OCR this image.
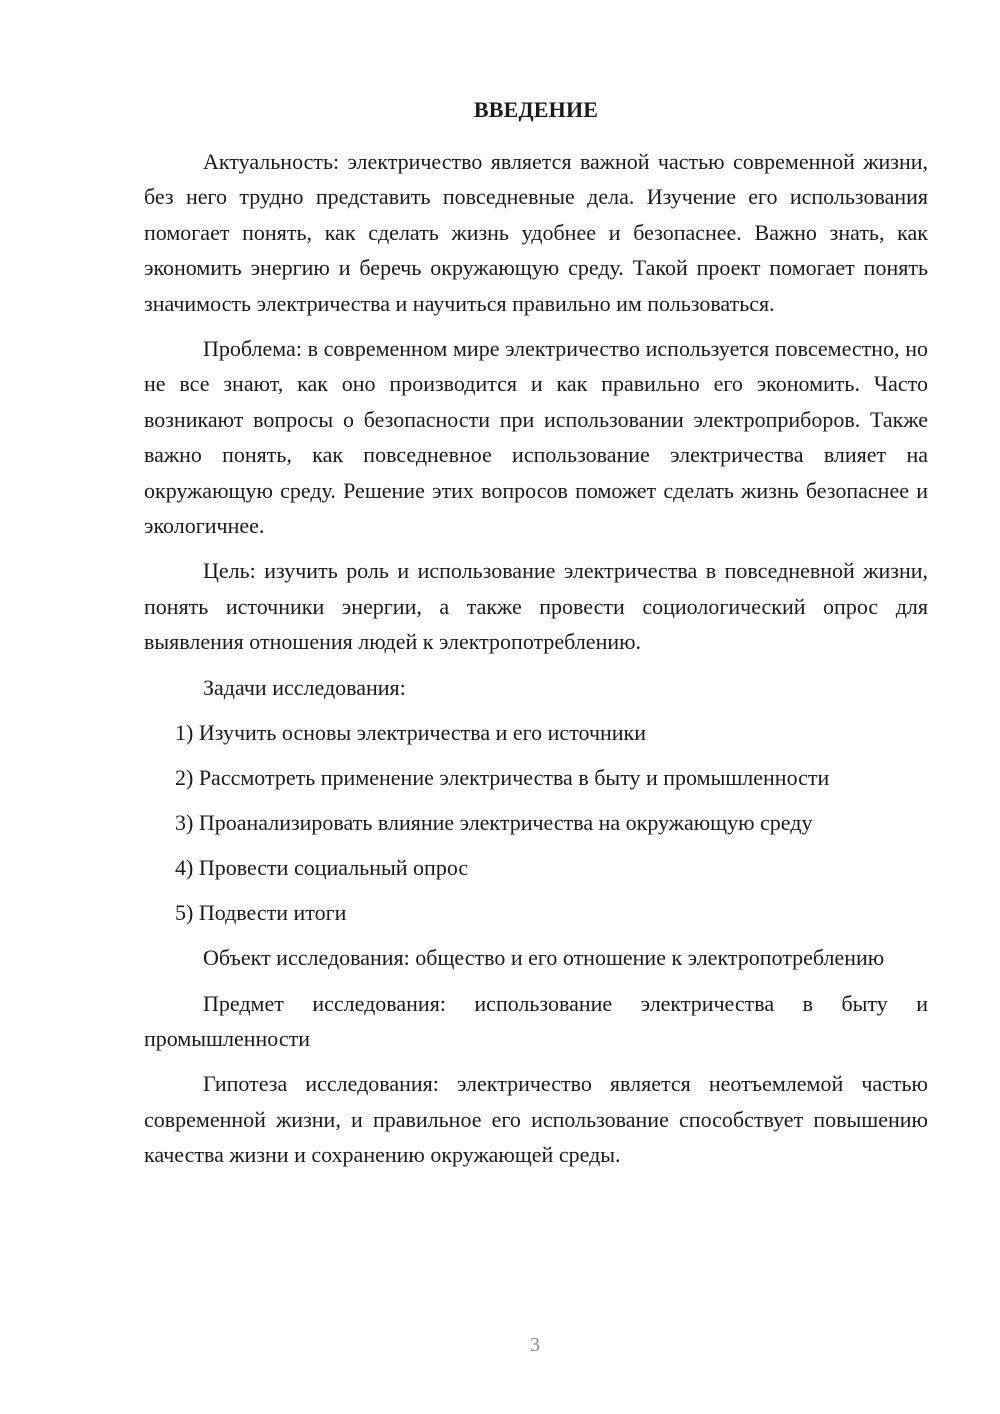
ВВЕДЕНИЕ

Актуальность: электричество является важной частью современной жизни, без него трудно представить повседневные дела. Изучение его использования помогает понять, как сделать жизнь удобнее и безопаснее. Важно знать, как экономить энергию и беречь окружающую среду. Такой проект помогает понять значимость электричества и научиться правильно им пользоваться.

Проблема: в современном мире электричество используется повсеместно, но не все знают, как оно производится и как правильно его экономить. Часто возникают вопросы о безопасности при использовании электроприборов. Также важно понять, как повседневное использование электричества влияет на окружающую среду. Решение этих вопросов поможет сделать жизнь безопаснее и экологичнее.

Цель: изучить роль и использование электричества в повседневной жизни, понять источники энергии, а также провести социологический опрос для выявления отношения людей к электропотреблению.

Задачи исследования:

1) Изучить основы электричества и его источники
2) Рассмотреть применение электричества в быту и промышленности
3) Проанализировать влияние электричества на окружающую среду
4) Провести социальный опрос
5) Подвести итоги

Объект исследования: общество и его отношение к электропотреблению

Предмет исследования: использование электричества в быту и промышленности

Гипотеза исследования: электричество является неотъемлемой частью современной жизни, и правильное его использование способствует повышению качества жизни и сохранению окружающей среды.

3
